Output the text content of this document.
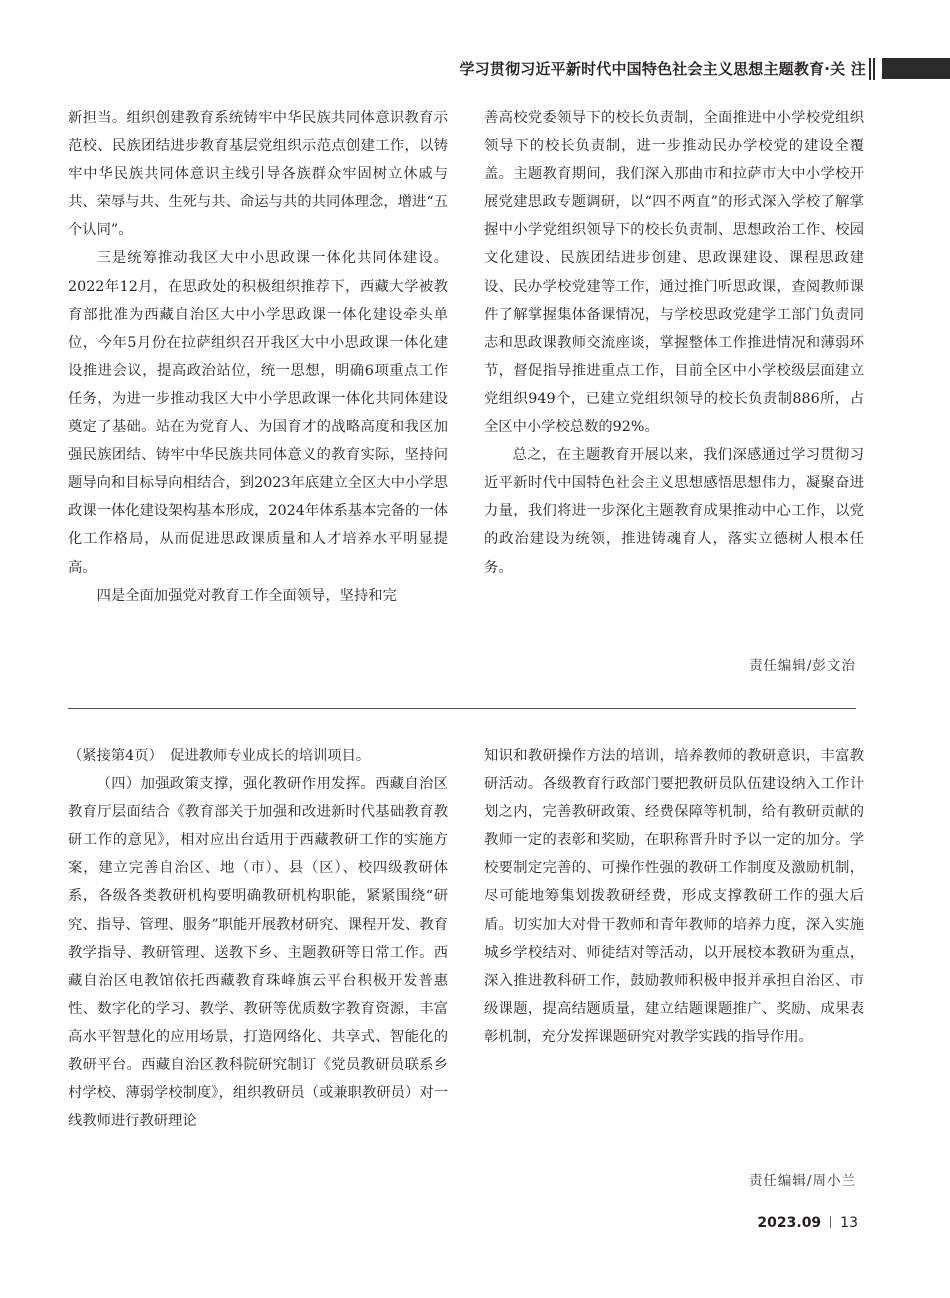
学习贯彻习近平新时代中国特色社会主义思想主题教育·关 注

新担当。组织创建教育系统铸牢中华民族共同体意识教育示范校、民族团结进步教育基层党组织示范点创建工作，以铸牢中华民族共同体意识主线引导各族群众牢固树立休戚与共、荣辱与共、生死与共、命运与共的共同体理念，增进“五个认同”。

三是统筹推动我区大中小思政课一体化共同体建设。2022年12月，在思政处的积极组织推荐下，西藏大学被教育部批准为西藏自治区大中小学思政课一体化建设牵头单位，今年5月份在拉萨组织召开我区大中小思政课一体化建设推进会议，提高政治站位，统一思想，明确6项重点工作任务，为进一步推动我区大中小学思政课一体化共同体建设奠定了基础。站在为党育人、为国育才的战略高度和我区加强民族团结、铸牢中华民族共同体意义的教育实际，坚持问题导向和目标导向相结合，到2023年底建立全区大中小学思政课一体化建设架构基本形成，2024年体系基本完备的一体化工作格局，从而促进思政课质量和人才培养水平明显提高。

四是全面加强党对教育工作全面领导，坚持和完

善高校党委领导下的校长负责制，全面推进中小学校党组织领导下的校长负责制，进一步推动民办学校党的建设全覆盖。主题教育期间，我们深入那曲市和拉萨市大中小学校开展党建思政专题调研，以“四不两直”的形式深入学校了解掌握中小学党组织领导下的校长负责制、思想政治工作、校园文化建设、民族团结进步创建、思政课建设、课程思政建设、民办学校党建等工作，通过推门听思政课，查阅教师课件了解掌握集体备课情况，与学校思政党建学工部门负责同志和思政课教师交流座谈，掌握整体工作推进情况和薄弱环节，督促指导推进重点工作，目前全区中小学校级层面建立党组织949个，已建立党组织领导的校长负责制886所，占全区中小学校总数的92%。

总之，在主题教育开展以来，我们深感通过学习贯彻习近平新时代中国特色社会主义思想感悟思想伟力，凝聚奋进力量，我们将进一步深化主题教育成果推动中心工作，以党的政治建设为统领，推进铸魂育人，落实立德树人根本任务。

责任编辑/彭文治

（紧接第4页）　促进教师专业成长的培训项目。

（四）加强政策支撑，强化教研作用发挥。西藏自治区教育厅层面结合《教育部关于加强和改进新时代基础教育教研工作的意见》，相对应出台适用于西藏教研工作的实施方案，建立完善自治区、地（市）、县（区）、校四级教研体系，各级各类教研机构要明确教研机构职能，紧紧围绕“研究、指导、管理、服务”职能开展教材研究、课程开发、教育教学指导、教研管理、送教下乡、主题教研等日常工作。西藏自治区电教馆依托西藏教育珠峰旗云平台积极开发普惠性、数字化的学习、教学、教研等优质数字教育资源，丰富高水平智慧化的应用场景，打造网络化、共享式、智能化的教研平台。西藏自治区教科院研究制订《党员教研员联系乡村学校、薄弱学校制度》，组织教研员（或兼职教研员）对一线教师进行教研理论

知识和教研操作方法的培训，培养教师的教研意识，丰富教研活动。各级教育行政部门要把教研员队伍建设纳入工作计划之内，完善教研政策、经费保障等机制，给有教研贡献的教师一定的表彰和奖励，在职称晋升时予以一定的加分。学校要制定完善的、可操作性强的教研工作制度及激励机制，尽可能地筹集划拨教研经费，形成支撑教研工作的强大后盾。切实加大对骨干教师和青年教师的培养力度，深入实施城乡学校结对、师徒结对等活动，以开展校本教研为重点，深入推进教科研工作，鼓励教师积极申报并承担自治区、市级课题，提高结题质量，建立结题课题推广、奖励、成果表彰机制，充分发挥课题研究对教学实践的指导作用。

责任编辑/周小兰
2023.09 13
